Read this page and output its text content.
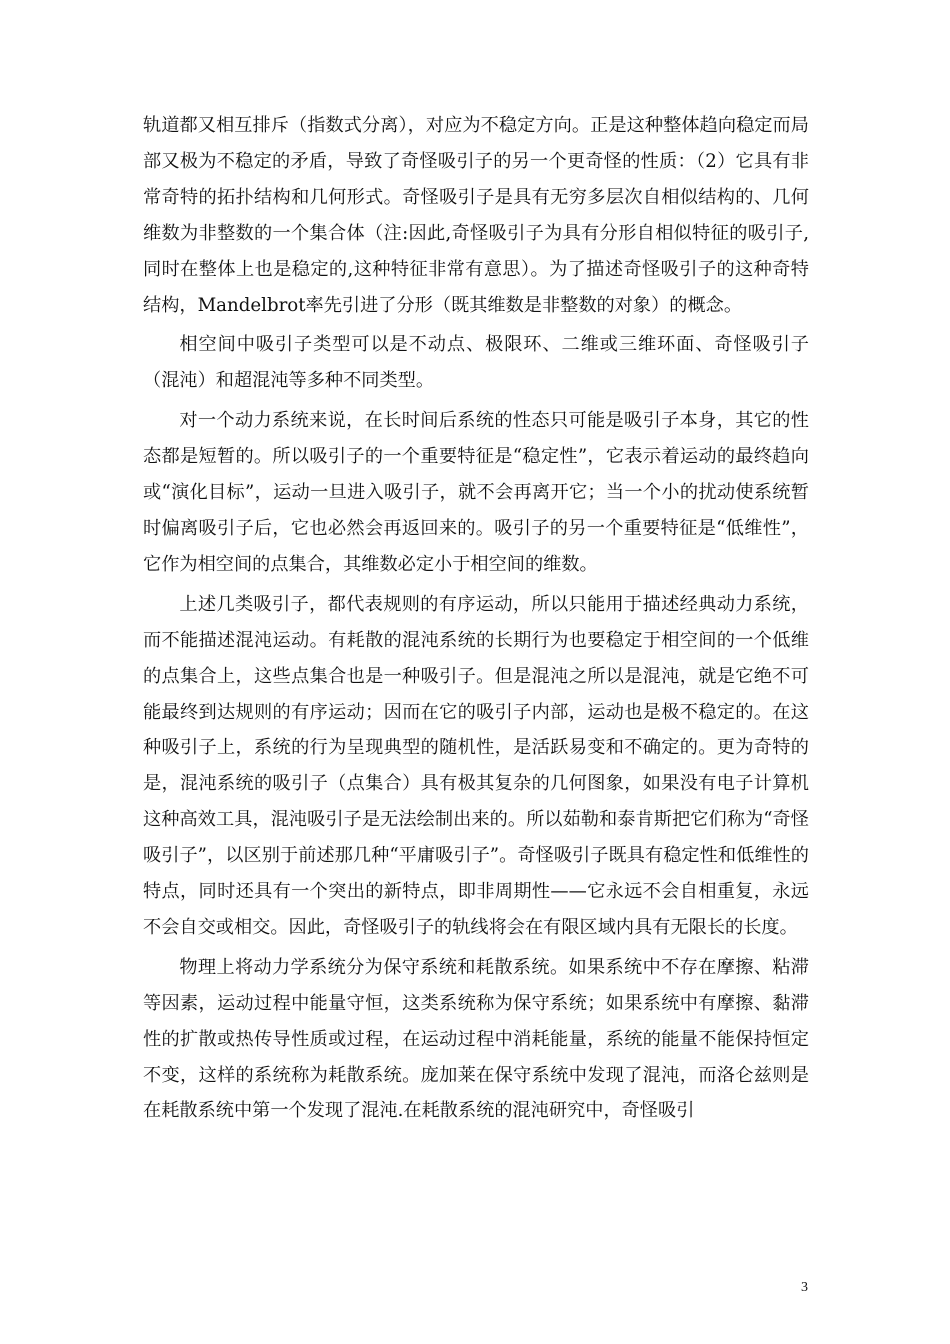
轨道都又相互排斥（指数式分离），对应为不稳定方向。正是这种整体趋向稳定而局部又极为不稳定的矛盾，导致了奇怪吸引子的另一个更奇怪的性质：（2）它具有非常奇特的拓扑结构和几何形式。奇怪吸引子是具有无穷多层次自相似结构的、几何维数为非整数的一个集合体（注:因此,奇怪吸引子为具有分形自相似特征的吸引子,同时在整体上也是稳定的,这种特征非常有意思）。为了描述奇怪吸引子的这种奇特结构，Mandelbrot率先引进了分形（既其维数是非整数的对象）的概念。

相空间中吸引子类型可以是不动点、极限环、二维或三维环面、奇怪吸引子（混沌）和超混沌等多种不同类型。

对一个动力系统来说，在长时间后系统的性态只可能是吸引子本身，其它的性态都是短暂的。所以吸引子的一个重要特征是“稳定性”，它表示着运动的最终趋向或“演化目标”，运动一旦进入吸引子，就不会再离开它；当一个小的扰动使系统暂时偏离吸引子后，它也必然会再返回来的。吸引子的另一个重要特征是“低维性”，它作为相空间的点集合，其维数必定小于相空间的维数。

上述几类吸引子，都代表规则的有序运动，所以只能用于描述经典动力系统，而不能描述混沌运动。有耗散的混沌系统的长期行为也要稳定于相空间的一个低维的点集合上，这些点集合也是一种吸引子。但是混沌之所以是混沌，就是它绝不可能最终到达规则的有序运动；因而在它的吸引子内部，运动也是极不稳定的。在这种吸引子上，系统的行为呈现典型的随机性，是活跃易变和不确定的。更为奇特的是，混沌系统的吸引子（点集合）具有极其复杂的几何图象，如果没有电子计算机这种高效工具，混沌吸引子是无法绘制出来的。所以茹勒和泰肯斯把它们称为“奇怪吸引子”，以区别于前述那几种“平庸吸引子”。奇怪吸引子既具有稳定性和低维性的特点，同时还具有一个突出的新特点，即非周期性——它永远不会自相重复，永远不会自交或相交。因此，奇怪吸引子的轨线将会在有限区域内具有无限长的长度。

物理上将动力学系统分为保守系统和耗散系统。如果系统中不存在摩擦、粘滞等因素，运动过程中能量守恒，这类系统称为保守系统；如果系统中有摩擦、黏滞性的扩散或热传导性质或过程，在运动过程中消耗能量，系统的能量不能保持恒定不变，这样的系统称为耗散系统。庞加莱在保守系统中发现了混沌，而洛仑兹则是在耗散系统中第一个发现了混沌.在耗散系统的混沌研究中，奇怪吸引

3
